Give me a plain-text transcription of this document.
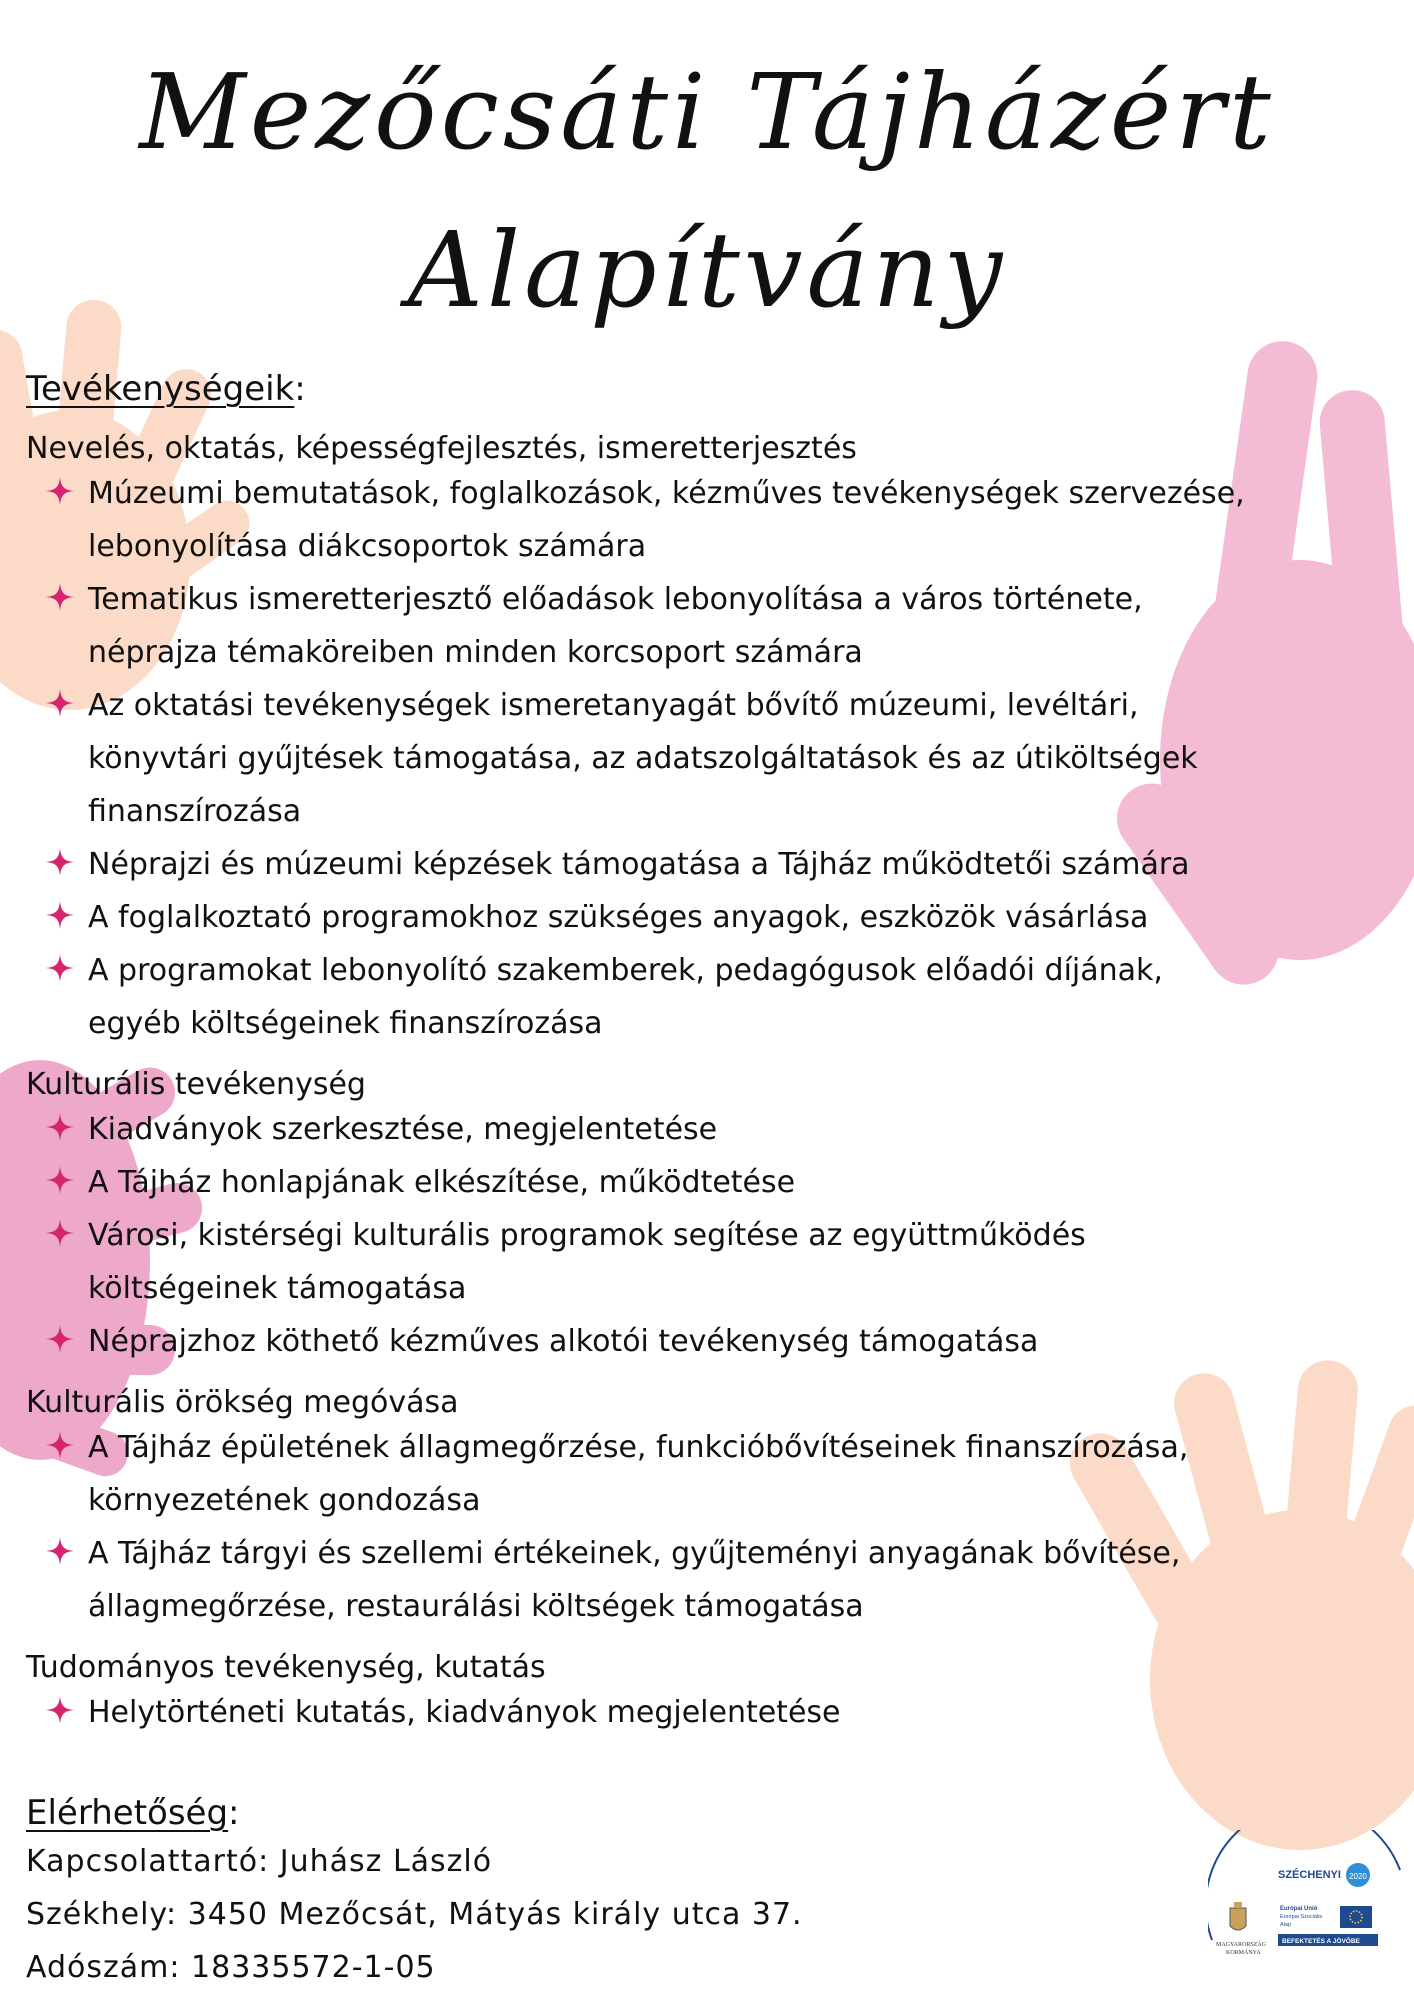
Mezőcsáti Tájházért
Alapítvány
Tevékenységeik:
Nevelés, oktatás, képességfejlesztés, ismeretterjesztés
Múzeumi bemutatások, foglalkozások, kézműves tevékenységek szervezése,
lebonyolítása diákcsoportok számára
Tematikus ismeretterjesztő előadások lebonyolítása a város története,
néprajza témaköreiben minden korcsoport számára
Az oktatási tevékenységek ismeretanyagát bővítő múzeumi, levéltári,
könyvtári gyűjtések támogatása, az adatszolgáltatások és az útiköltségek
finanszírozása
Néprajzi és múzeumi képzések támogatása a Tájház működtetői számára
A foglalkoztató programokhoz szükséges anyagok, eszközök vásárlása
A programokat lebonyolító szakemberek, pedagógusok előadói díjának,
egyéb költségeinek finanszírozása
Kulturális tevékenység
Kiadványok szerkesztése, megjelentetése
A Tájház honlapjának elkészítése, működtetése
Városi, kistérségi kulturális programok segítése az együttműködés
költségeinek támogatása
Néprajzhoz köthető kézműves alkotói tevékenység támogatása
Kulturális örökség megóvása
A Tájház épületének állagmegőrzése, funkcióbővítéseinek finanszírozása,
környezetének gondozása
A Tájház tárgyi és szellemi értékeinek, gyűjteményi anyagának bővítése,
állagmegőrzése, restaurálási költségek támogatása
Tudományos tevékenység, kutatás
Helytörténeti kutatás, kiadványok megjelentetése
Elérhetőség:
Kapcsolattartó: Juhász László
Székhely: 3450 Mezőcsát, Mátyás király utca 37.
Adószám: 18335572-1-05
SZÉCHENYI 2020
MAGYARORSZÁG
KORMÁNYA
Európai Unió
Európai Szociális
Alap
BEFEKTETÉS A JÖVŐBE
